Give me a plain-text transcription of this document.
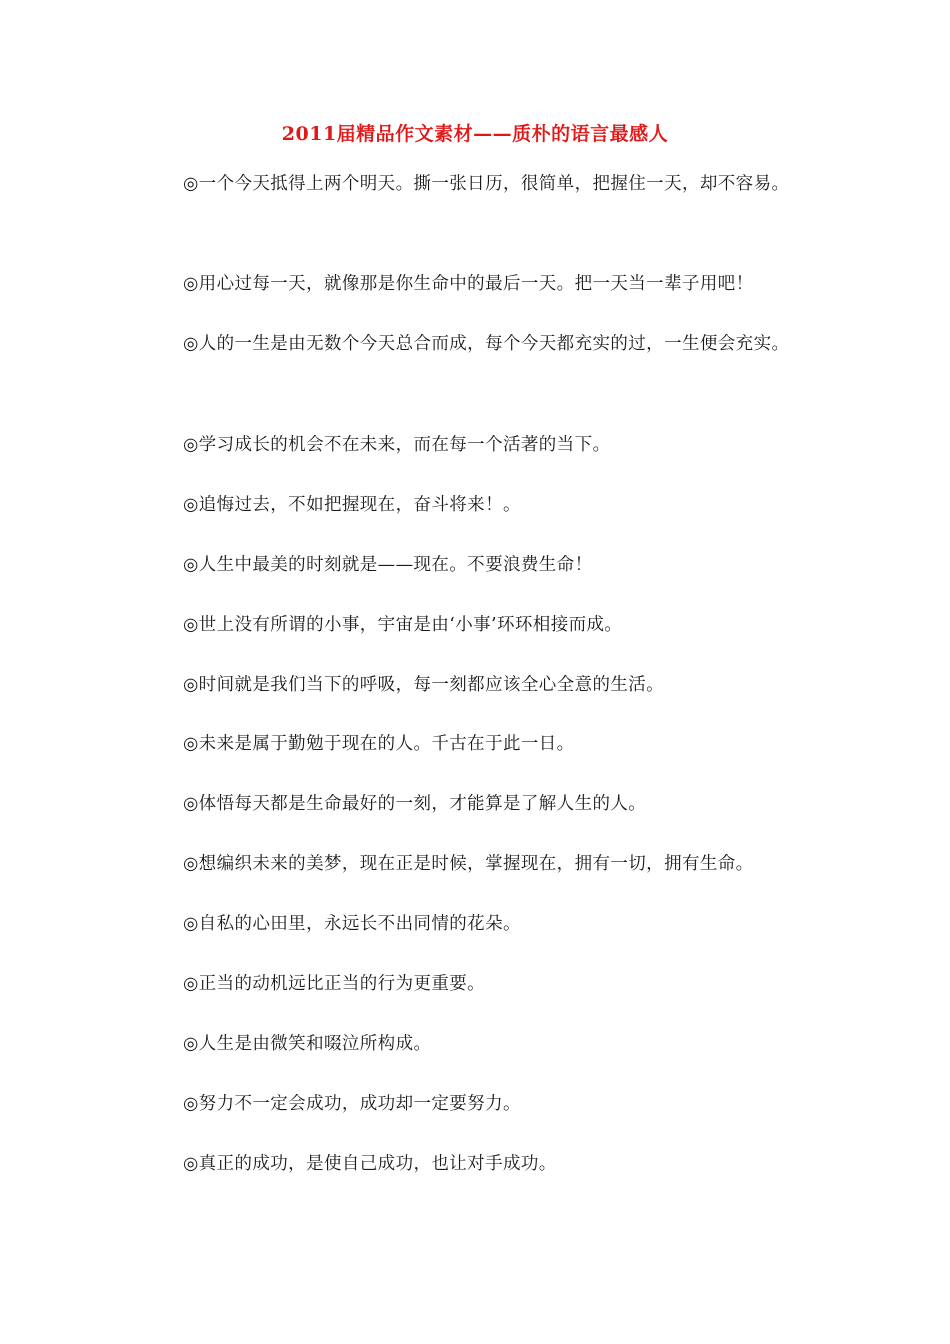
2011届精品作文素材——质朴的语言最感人

◎一个今天抵得上两个明天。撕一张日历，很简单，把握住一天，却不容易。

◎用心过每一天，就像那是你生命中的最后一天。把一天当一辈子用吧！

◎人的一生是由无数个今天总合而成，每个今天都充实的过，一生便会充实。

◎学习成长的机会不在未来，而在每一个活著的当下。

◎追悔过去，不如把握现在，奋斗将来！。

◎人生中最美的时刻就是——现在。不要浪费生命！

◎世上没有所谓的小事，宇宙是由‘小事’环环相接而成。

◎时间就是我们当下的呼吸，每一刻都应该全心全意的生活。

◎未来是属于勤勉于现在的人。千古在于此一日。

◎体悟每天都是生命最好的一刻，才能算是了解人生的人。

◎想编织未来的美梦，现在正是时候，掌握现在，拥有一切，拥有生命。

◎自私的心田里，永远长不出同情的花朵。

◎正当的动机远比正当的行为更重要。

◎人生是由微笑和啜泣所构成。

◎努力不一定会成功，成功却一定要努力。

◎真正的成功，是使自己成功，也让对手成功。
